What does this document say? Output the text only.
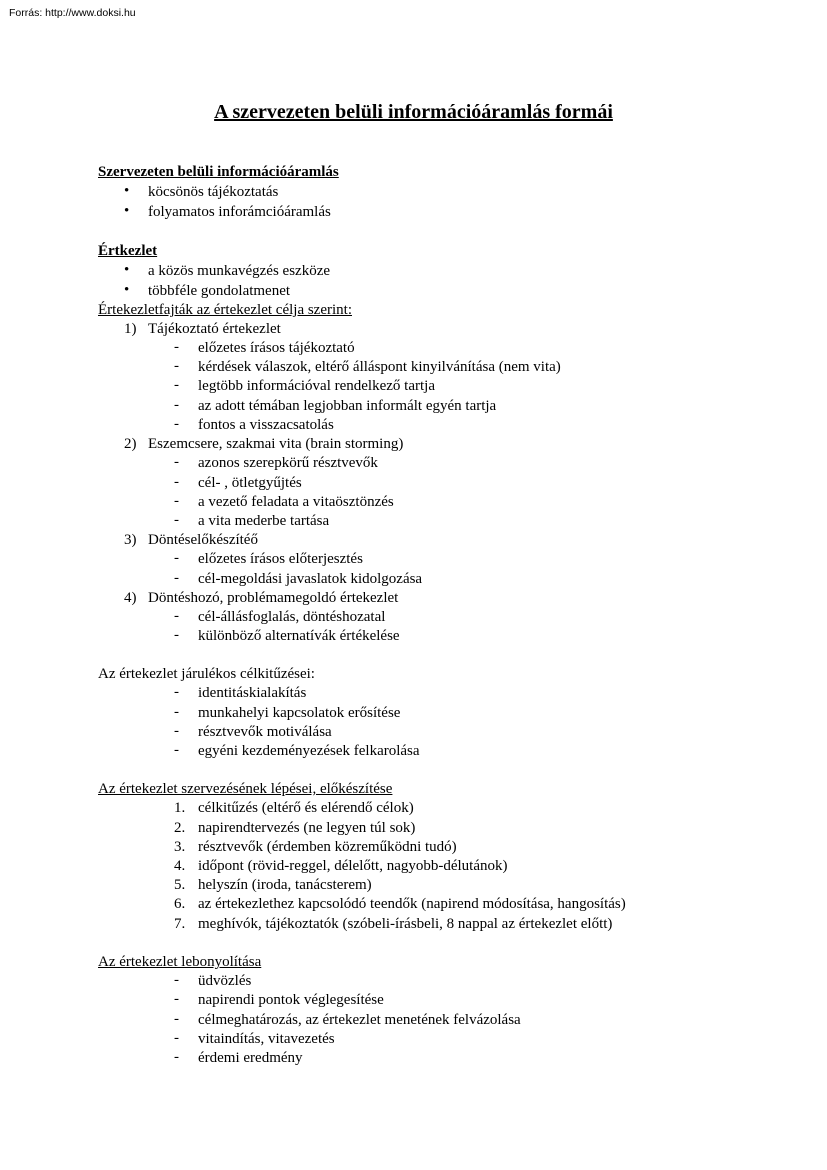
Forrás: http://www.doksi.hu
A szervezeten belüli információáramlás formái
Szervezeten belüli információáramlás
• köcsönös tájékoztatás
• folyamatos inforámcióáramlás
Értkezlet
• a közös munkavégzés eszköze
• többféle gondolatmenet
Értekezletfajták az értekezlet célja szerint:
1) Tájékoztató értekezlet
- előzetes írásos tájékoztató
- kérdések válaszok, eltérő álláspont kinyilvánítása (nem vita)
- legtöbb információval rendelkező tartja
- az adott témában legjobban informált egyén tartja
- fontos a visszacsatolás
2) Eszemcsere, szakmai vita (brain storming)
- azonos szerepkörű résztvevők
- cél- , ötletgyűjtés
- a vezető feladata a vitaösztönzés
- a vita mederbe tartása
3) Döntéselőkészítéő
- előzetes írásos előterjesztés
- cél-megoldási javaslatok kidolgozása
4) Döntéshozó, problémamegoldó értekezlet
- cél-állásfoglalás, döntéshozatal
- különböző alternatívák értékelése
Az értekezlet járulékos célkitűzései:
- identitáskialakítás
- munkahelyi kapcsolatok erősítése
- résztvevők motiválása
- egyéni kezdeményezések felkarolása
Az értekezlet szervezésének lépései, előkészítése
1. célkitűzés (eltérő és elérendő célok)
2. napirendtervezés (ne legyen túl sok)
3. résztvevők (érdemben közreműködni tudó)
4. időpont (rövid-reggel, délelőtt, nagyobb-délutánok)
5. helyszín (iroda, tanácsterem)
6. az értekezlethez kapcsolódó teendők (napirend módosítása, hangosítás)
7. meghívók, tájékoztatók (szóbeli-írásbeli, 8 nappal az értekezlet előtt)
Az értekezlet lebonyolítása
- üdvözlés
- napirendi pontok véglegesítése
- célmeghatározás, az értekezlet menetének felvázolása
- vitaindítás, vitavezetés
- érdemi eredmény
